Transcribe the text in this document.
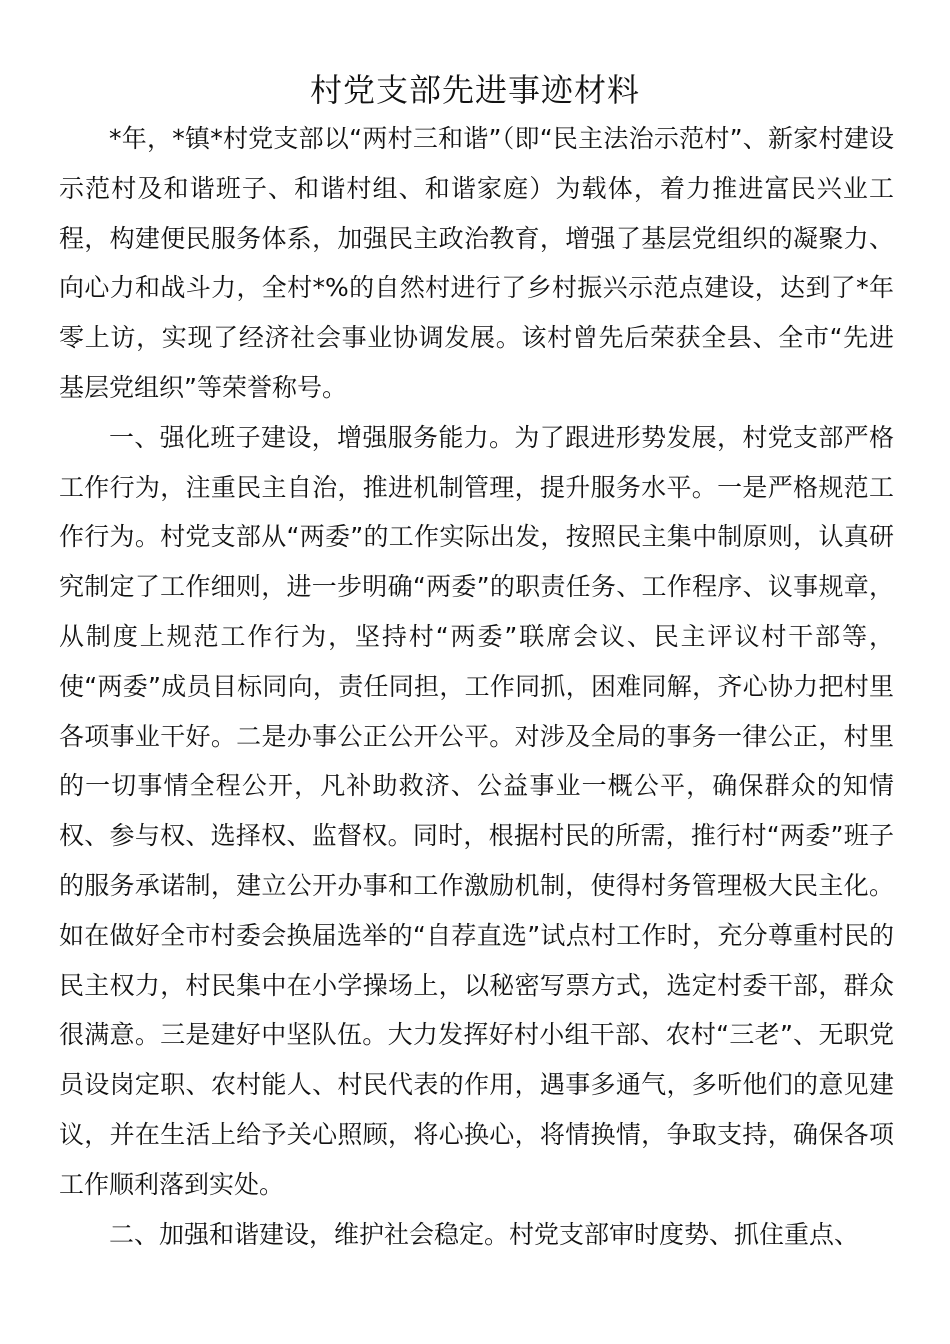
村党支部先进事迹材料

*年，*镇*村党支部以“两村三和谐”（即“民主法治示范村”、新家村建设示范村及和谐班子、和谐村组、和谐家庭）为载体，着力推进富民兴业工程，构建便民服务体系，加强民主政治教育，增强了基层党组织的凝聚力、向心力和战斗力，全村*%的自然村进行了乡村振兴示范点建设，达到了*年零上访，实现了经济社会事业协调发展。该村曾先后荣获全县、全市“先进基层党组织”等荣誉称号。

一、强化班子建设，增强服务能力。为了跟进形势发展，村党支部严格工作行为，注重民主自治，推进机制管理，提升服务水平。一是严格规范工作行为。村党支部从“两委”的工作实际出发，按照民主集中制原则，认真研究制定了工作细则，进一步明确“两委”的职责任务、工作程序、议事规章，从制度上规范工作行为，坚持村“两委”联席会议、民主评议村干部等，使“两委”成员目标同向，责任同担，工作同抓，困难同解，齐心协力把村里各项事业干好。二是办事公正公开公平。对涉及全局的事务一律公正，村里的一切事情全程公开，凡补助救济、公益事业一概公平，确保群众的知情权、参与权、选择权、监督权。同时，根据村民的所需，推行村“两委”班子的服务承诺制，建立公开办事和工作激励机制，使得村务管理极大民主化。如在做好全市村委会换届选举的“自荐直选”试点村工作时，充分尊重村民的民主权力，村民集中在小学操场上，以秘密写票方式，选定村委干部，群众很满意。三是建好中坚队伍。大力发挥好村小组干部、农村“三老”、无职党员设岗定职、农村能人、村民代表的作用，遇事多通气，多听他们的意见建议，并在生活上给予关心照顾，将心换心，将情换情，争取支持，确保各项工作顺利落到实处。

二、加强和谐建设，维护社会稳定。村党支部审时度势、抓住重点、
